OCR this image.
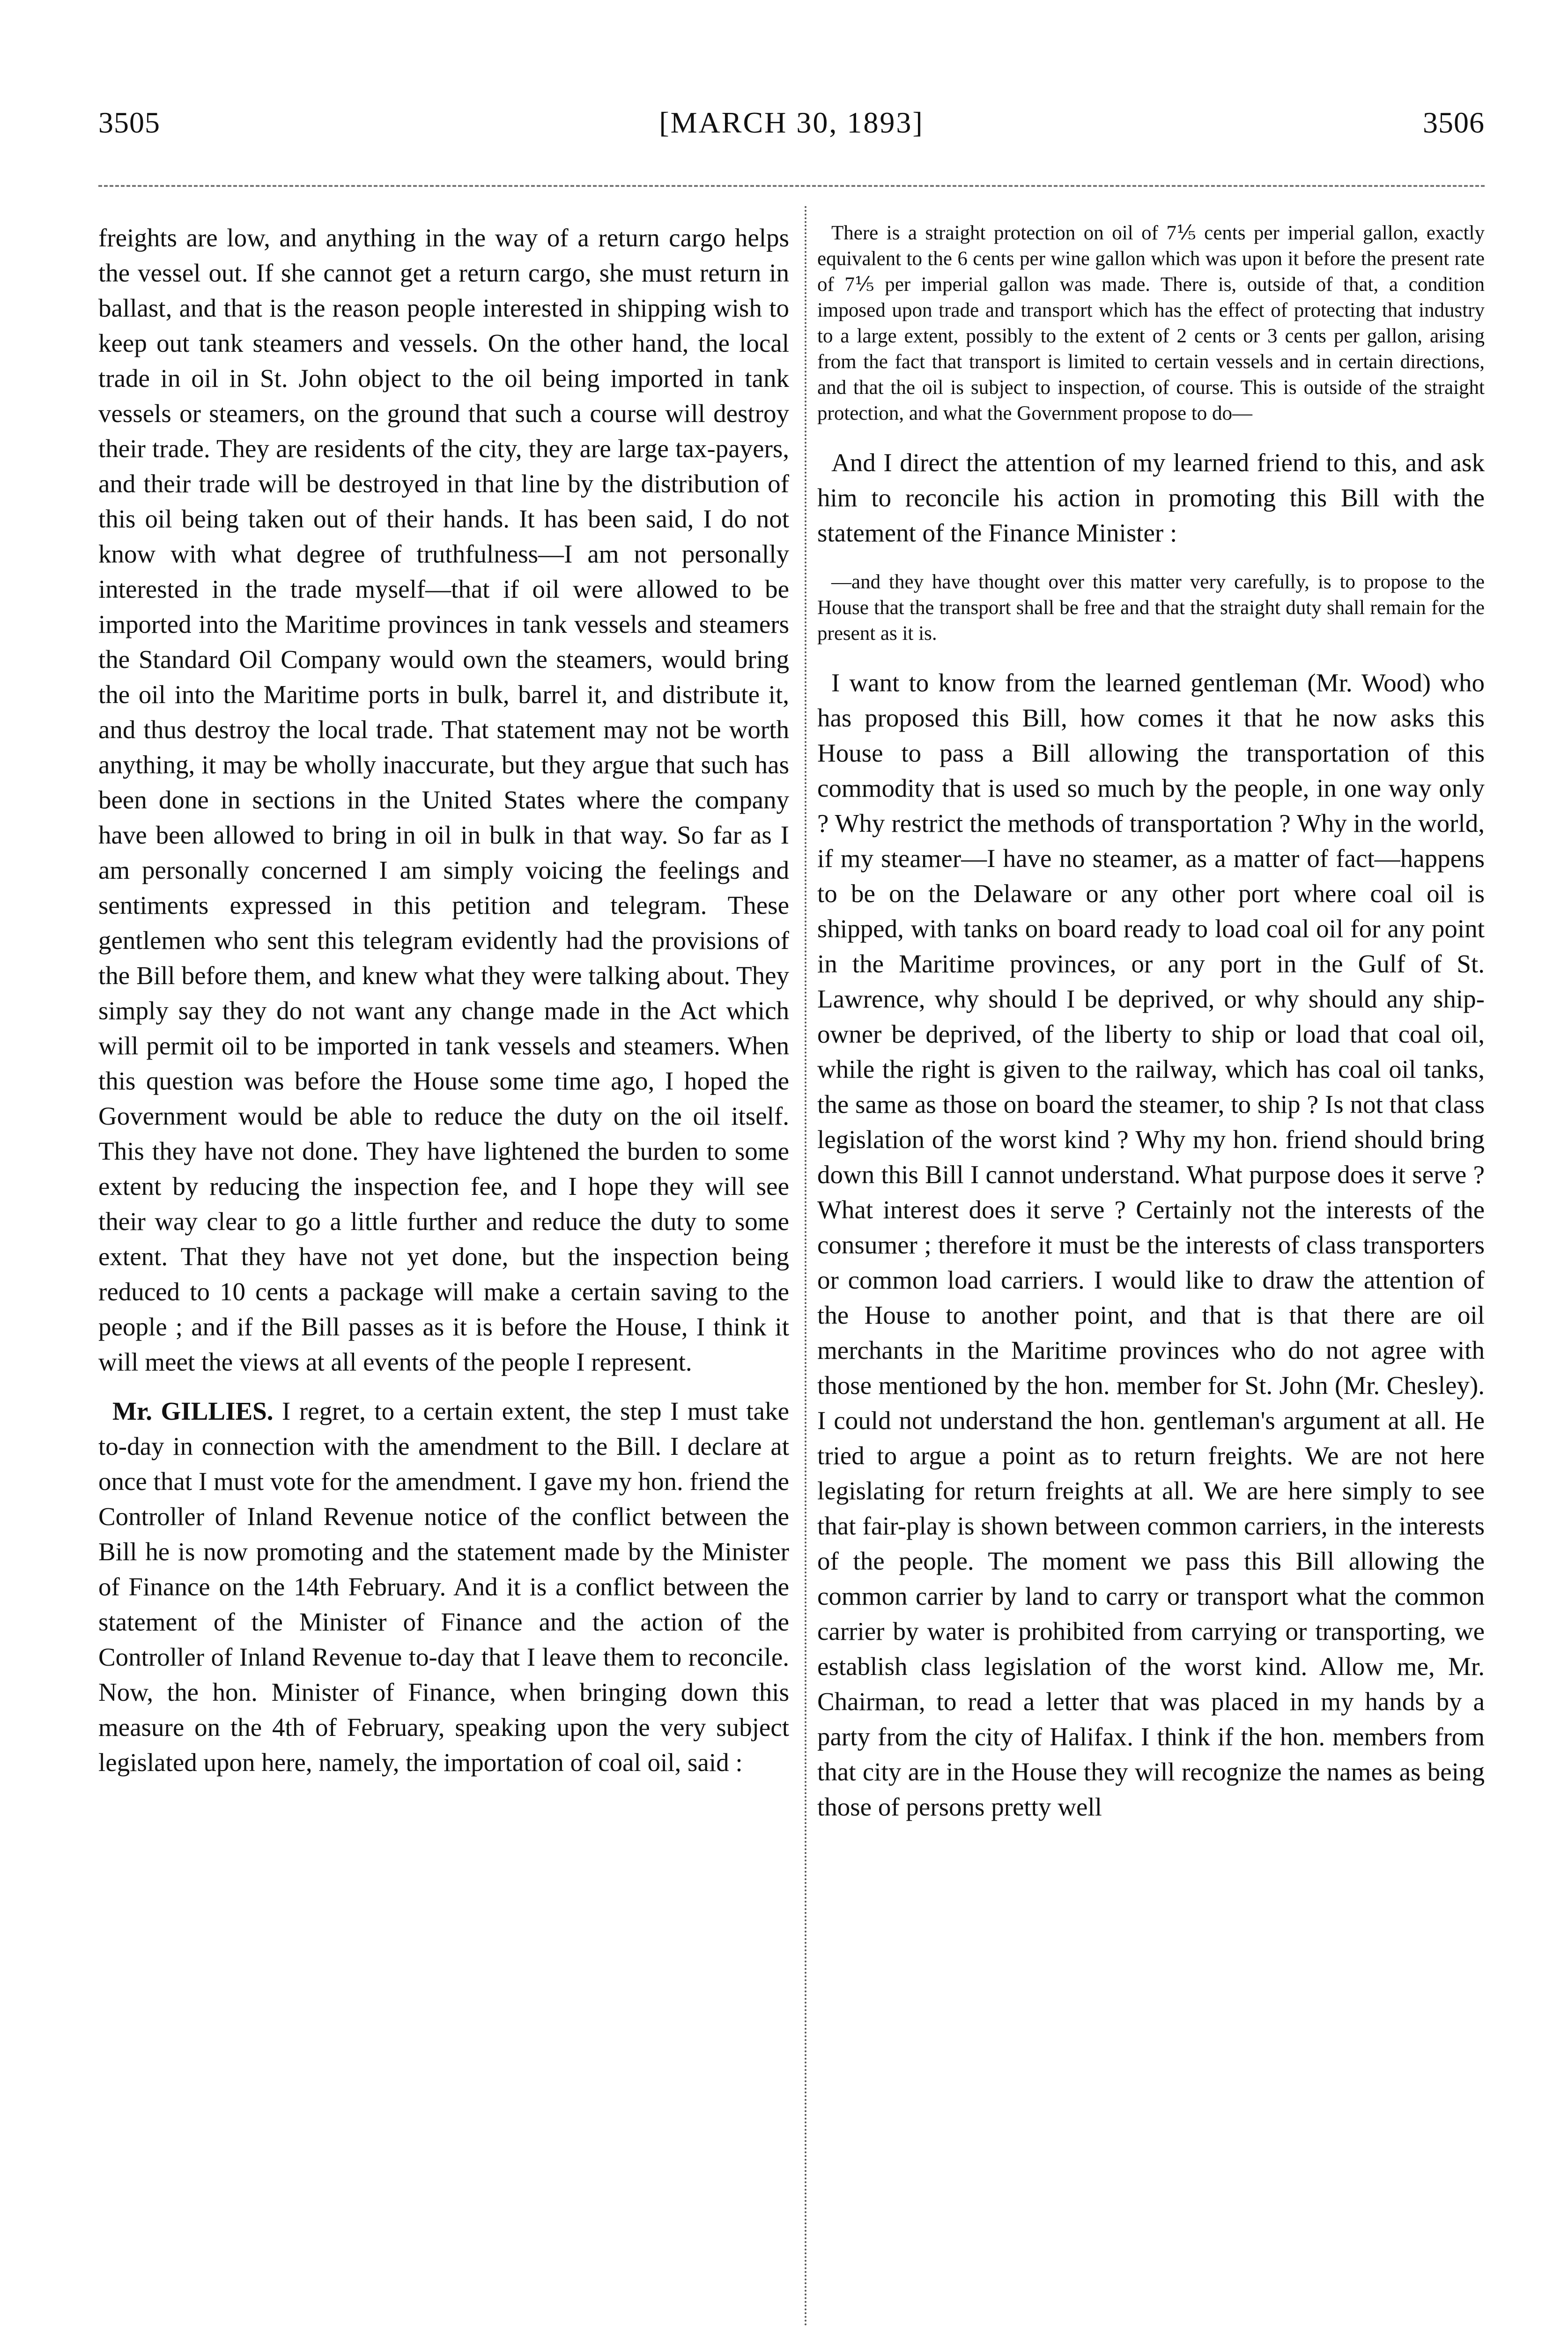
3505	[MARCH 30, 1893]	3506

freights are low, and anything in the way of a return cargo helps the vessel out. If she cannot get a return cargo, she must return in ballast, and that is the reason people interested in shipping wish to keep out tank steamers and vessels. On the other hand, the local trade in oil in St. John object to the oil being imported in tank vessels or steamers, on the ground that such a course will destroy their trade. They are residents of the city, they are large tax-payers, and their trade will be destroyed in that line by the distribution of this oil being taken out of their hands. It has been said, I do not know with what degree of truthfulness—I am not personally interested in the trade myself—that if oil were allowed to be imported into the Maritime provinces in tank vessels and steamers the Standard Oil Company would own the steamers, would bring the oil into the Maritime ports in bulk, barrel it, and distribute it, and thus destroy the local trade. That statement may not be worth anything, it may be wholly inaccurate, but they argue that such has been done in sections in the United States where the company have been allowed to bring in oil in bulk in that way. So far as I am personally concerned I am simply voicing the feelings and sentiments expressed in this petition and telegram. These gentlemen who sent this telegram evidently had the provisions of the Bill before them, and knew what they were talking about. They simply say they do not want any change made in the Act which will permit oil to be imported in tank vessels and steamers. When this question was before the House some time ago, I hoped the Government would be able to reduce the duty on the oil itself. This they have not done. They have lightened the burden to some extent by reducing the inspection fee, and I hope they will see their way clear to go a little further and reduce the duty to some extent. That they have not yet done, but the inspection being reduced to 10 cents a package will make a certain saving to the people ; and if the Bill passes as it is before the House, I think it will meet the views at all events of the people I represent.

Mr. GILLIES. I regret, to a certain extent, the step I must take to-day in connection with the amendment to the Bill. I declare at once that I must vote for the amendment. I gave my hon. friend the Controller of Inland Revenue notice of the conflict between the Bill he is now promoting and the statement made by the Minister of Finance on the 14th February. And it is a conflict between the statement of the Minister of Finance and the action of the Controller of Inland Revenue to-day that I leave them to reconcile. Now, the hon. Minister of Finance, when bringing down this measure on the 4th of February, speaking upon the very subject legislated upon here, namely, the importation of coal oil, said :

There is a straight protection on oil of 7⅕ cents per imperial gallon, exactly equivalent to the 6 cents per wine gallon which was upon it before the present rate of 7⅕ per imperial gallon was made. There is, outside of that, a condition imposed upon trade and transport which has the effect of protecting that industry to a large extent, possibly to the extent of 2 cents or 3 cents per gallon, arising from the fact that transport is limited to certain vessels and in certain directions, and that the oil is subject to inspection, of course. This is outside of the straight protection, and what the Government propose to do—

And I direct the attention of my learned friend to this, and ask him to reconcile his action in promoting this Bill with the statement of the Finance Minister :

—and they have thought over this matter very carefully, is to propose to the House that the transport shall be free and that the straight duty shall remain for the present as it is.

I want to know from the learned gentleman (Mr. Wood) who has proposed this Bill, how comes it that he now asks this House to pass a Bill allowing the transportation of this commodity that is used so much by the people, in one way only ? Why restrict the methods of transportation ? Why in the world, if my steamer—I have no steamer, as a matter of fact—happens to be on the Delaware or any other port where coal oil is shipped, with tanks on board ready to load coal oil for any point in the Maritime provinces, or any port in the Gulf of St. Lawrence, why should I be deprived, or why should any ship-owner be deprived, of the liberty to ship or load that coal oil, while the right is given to the railway, which has coal oil tanks, the same as those on board the steamer, to ship ? Is not that class legislation of the worst kind ? Why my hon. friend should bring down this Bill I cannot understand. What purpose does it serve ? What interest does it serve ? Certainly not the interests of the consumer ; therefore it must be the interests of class transporters or common load carriers. I would like to draw the attention of the House to another point, and that is that there are oil merchants in the Maritime provinces who do not agree with those mentioned by the hon. member for St. John (Mr. Chesley). I could not understand the hon. gentleman's argument at all. He tried to argue a point as to return freights. We are not here legislating for return freights at all. We are here simply to see that fair-play is shown between common carriers, in the interests of the people. The moment we pass this Bill allowing the common carrier by land to carry or transport what the common carrier by water is prohibited from carrying or transporting, we establish class legislation of the worst kind. Allow me, Mr. Chairman, to read a letter that was placed in my hands by a party from the city of Halifax. I think if the hon. members from that city are in the House they will recognize the names as being those of persons pretty well
